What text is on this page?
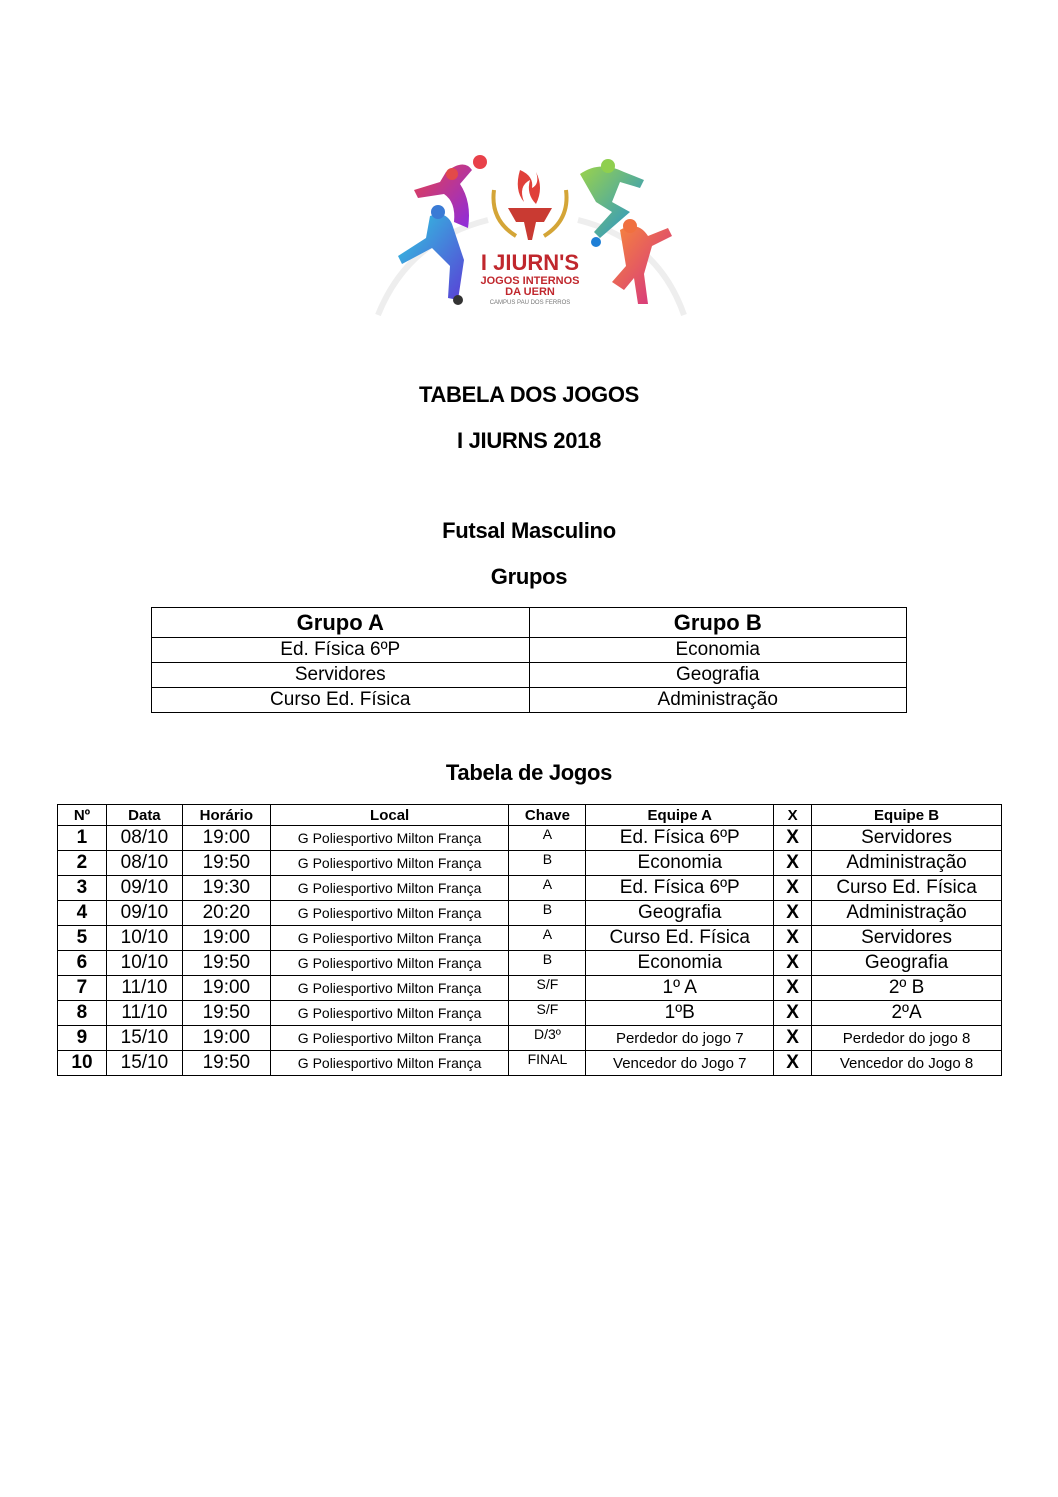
I JIURN'S
JOGOS INTERNOS
DA UERN
CAMPUS PAU DOS FERROS
TABELA DOS JOGOS
I JIURNS 2018
Futsal Masculino
Grupos
Grupo A	Grupo B
Ed. Física 6ºP	Economia
Servidores	Geografia
Curso Ed. Física	Administração
Tabela de Jogos
Nº	Data	Horário	Local	Chave	Equipe A	X	Equipe B
1	08/10	19:00	G Poliesportivo Milton França	A	Ed. Física 6ºP	X	Servidores
2	08/10	19:50	G Poliesportivo Milton França	B	Economia	X	Administração
3	09/10	19:30	G Poliesportivo Milton França	A	Ed. Física 6ºP	X	Curso Ed. Física
4	09/10	20:20	G Poliesportivo Milton França	B	Geografia	X	Administração
5	10/10	19:00	G Poliesportivo Milton França	A	Curso Ed. Física	X	Servidores
6	10/10	19:50	G Poliesportivo Milton França	B	Economia	X	Geografia
7	11/10	19:00	G Poliesportivo Milton França	S/F	1º A	X	2º B
8	11/10	19:50	G Poliesportivo Milton França	S/F	1ºB	X	2ºA
9	15/10	19:00	G Poliesportivo Milton França	D/3º	Perdedor do jogo 7	X	Perdedor do jogo 8
10	15/10	19:50	G Poliesportivo Milton França	FINAL	Vencedor do Jogo 7	X	Vencedor do Jogo 8
